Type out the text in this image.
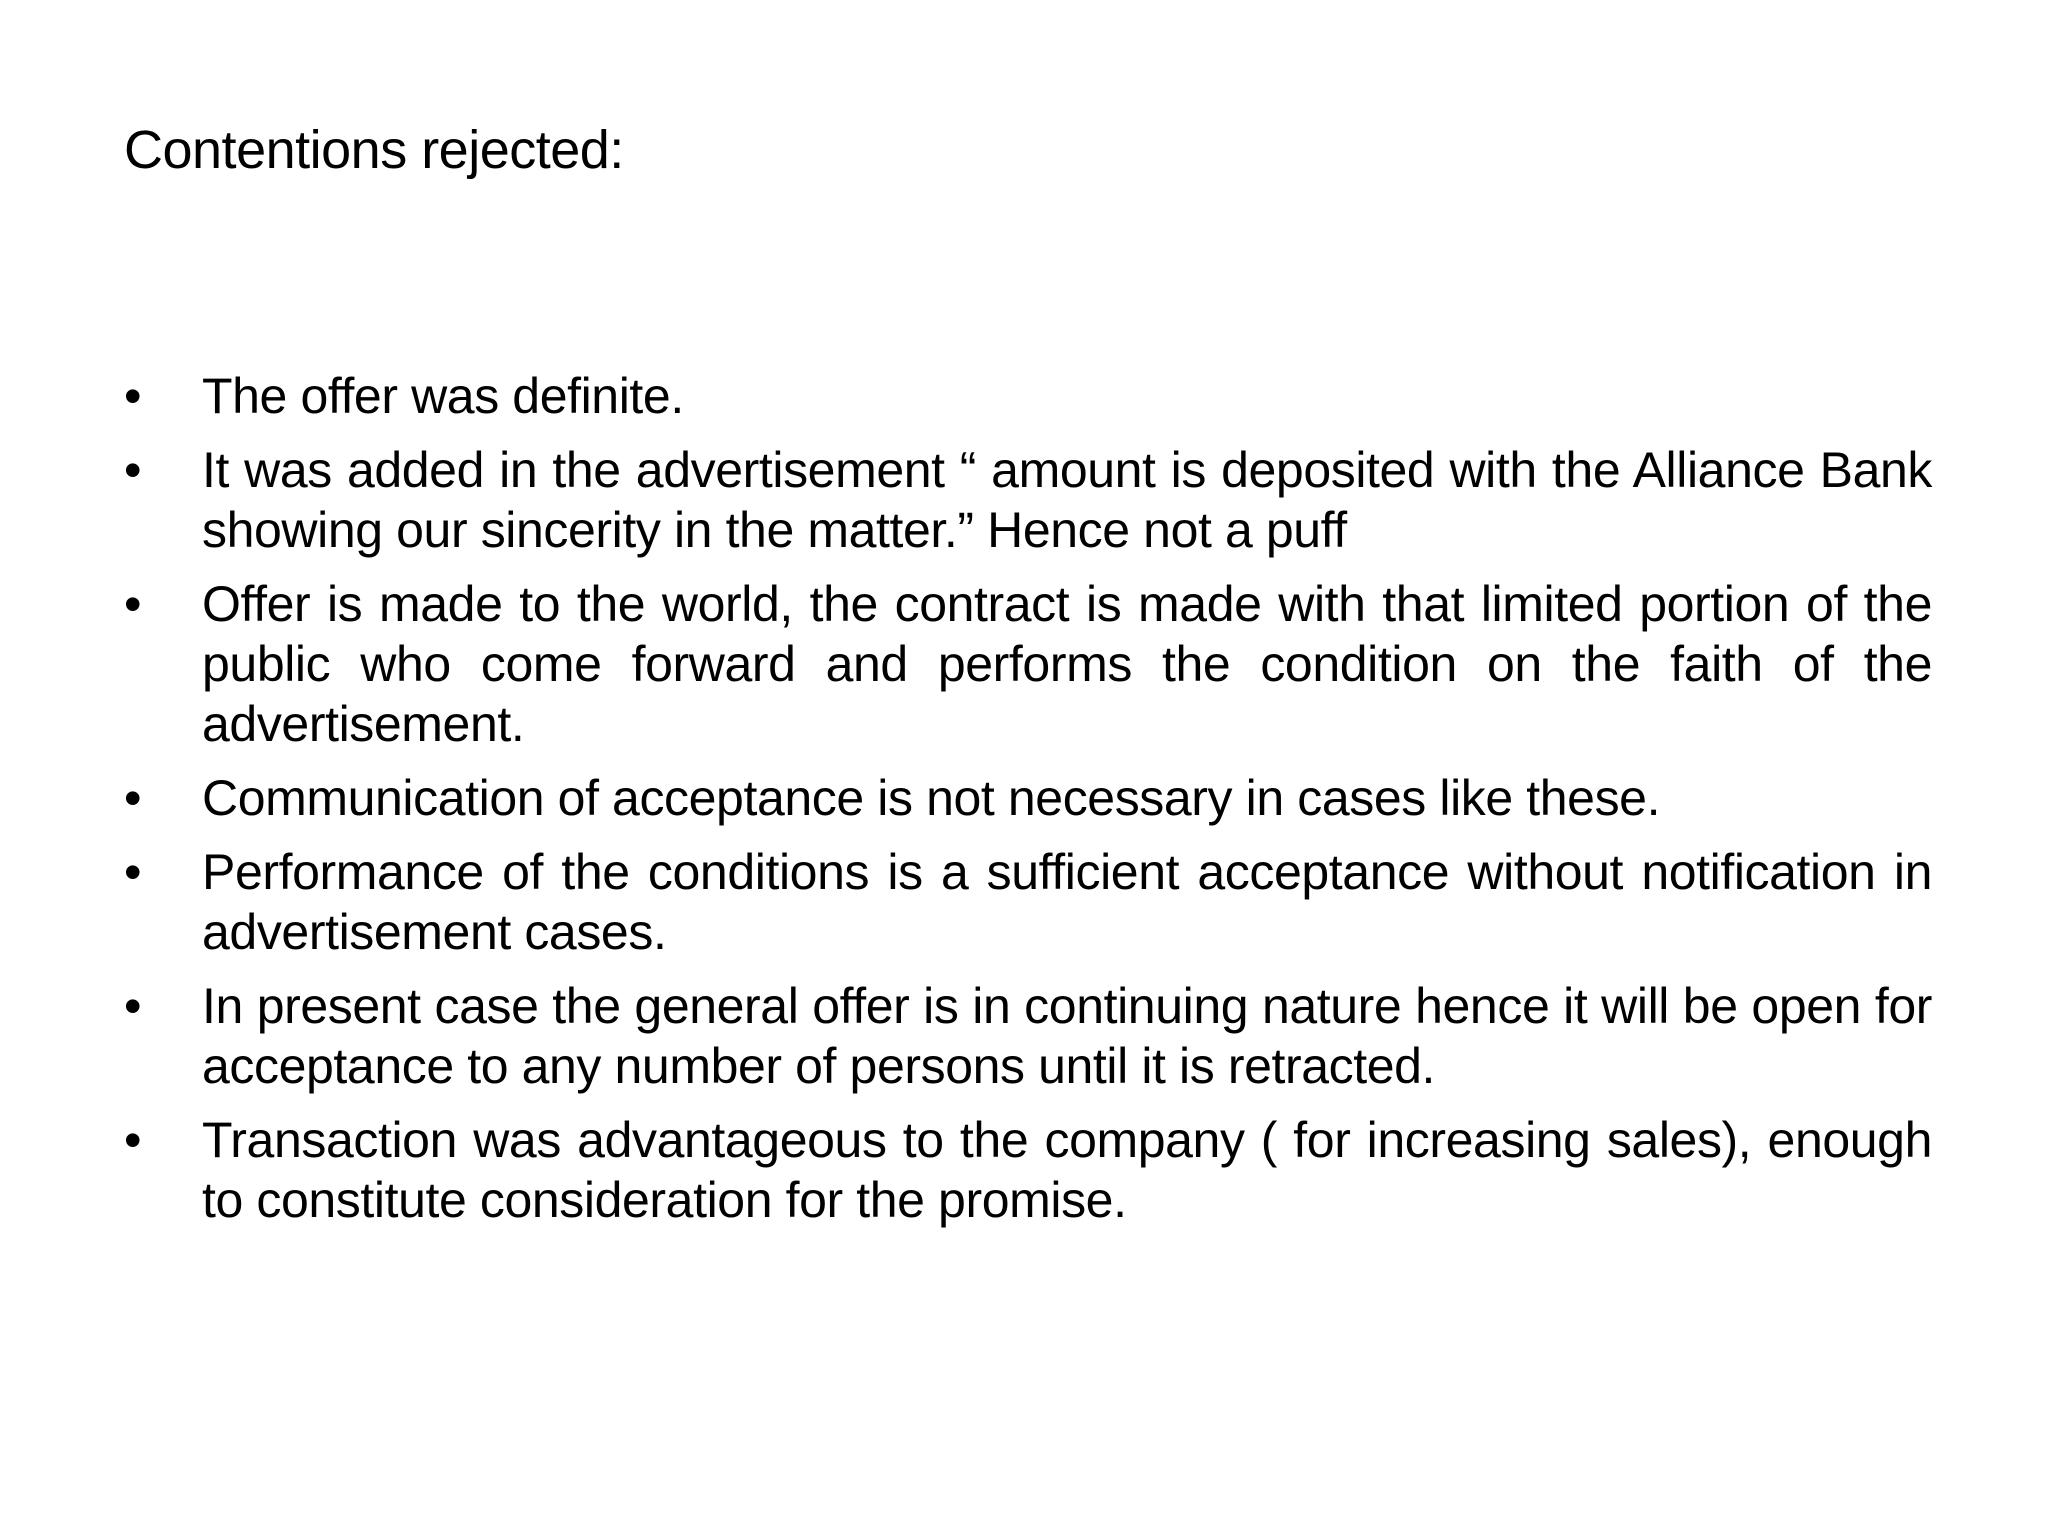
Contentions rejected:
• The offer was definite.
• It was added in the advertisement “ amount is deposited with the Alliance Bank showing our sincerity in the matter.” Hence not a puff
• Offer is made to the world, the contract is made with that limited portion of the public who come forward and performs the condition on the faith of the advertisement.
• Communication of acceptance is not necessary in cases like these.
• Performance of the conditions is a sufficient acceptance without notification in advertisement cases.
• In present case the general offer is in continuing nature hence it will be open for acceptance to any number of persons until it is retracted.
• Transaction was advantageous to the company ( for increasing sales), enough to constitute consideration for the promise.
